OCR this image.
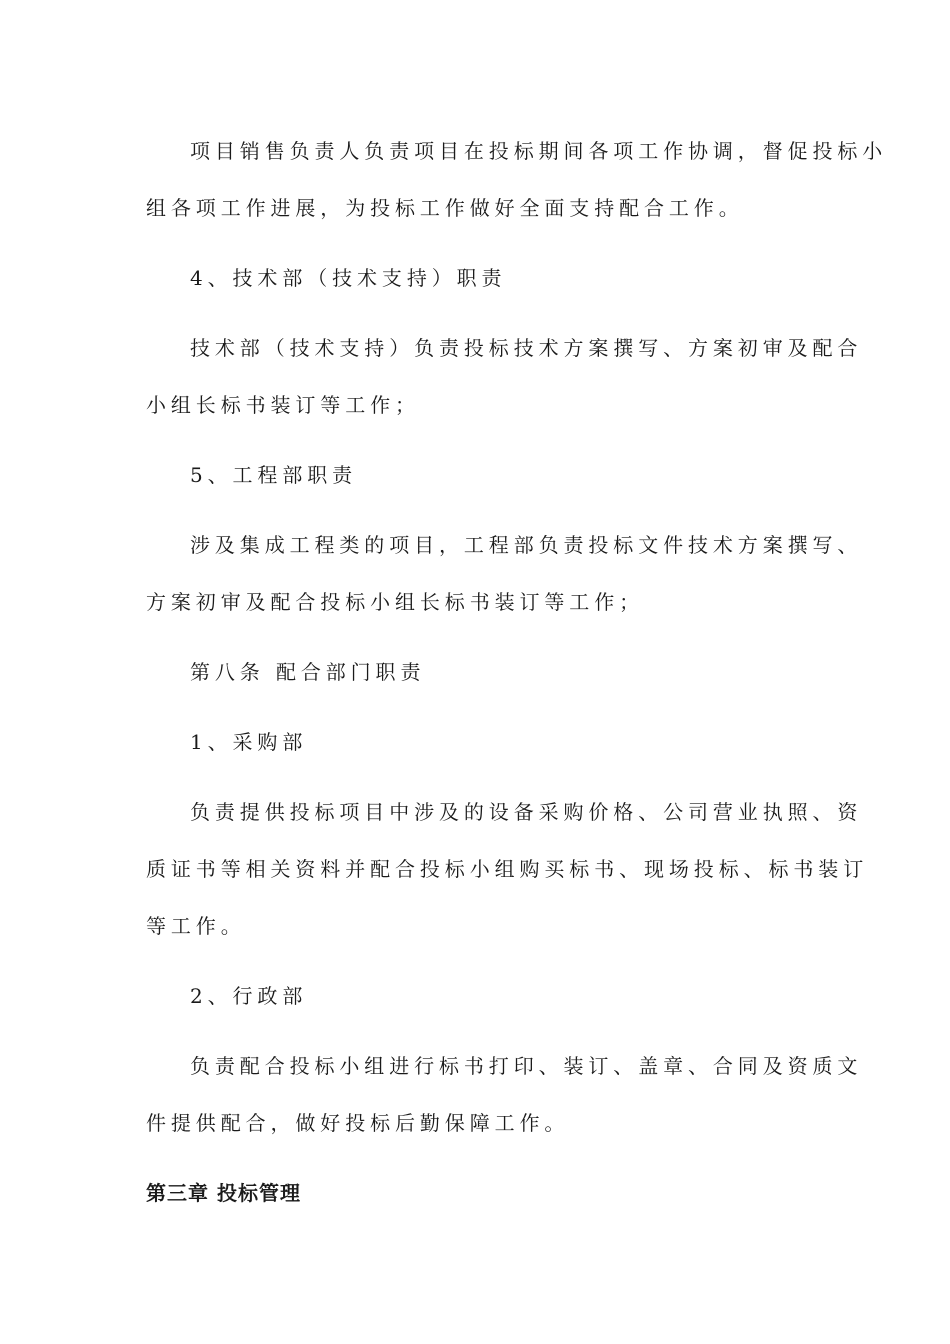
项目销售负责人负责项目在投标期间各项工作协调，督促投标小
组各项工作进展，为投标工作做好全面支持配合工作。
4、技术部（技术支持）职责
技术部（技术支持）负责投标技术方案撰写、方案初审及配合
小组长标书装订等工作；
5、工程部职责
涉及集成工程类的项目，工程部负责投标文件技术方案撰写、
方案初审及配合投标小组长标书装订等工作；
第八条 配合部门职责
1、采购部
负责提供投标项目中涉及的设备采购价格、公司营业执照、资
质证书等相关资料并配合投标小组购买标书、现场投标、标书装订
等工作。
2、行政部
负责配合投标小组进行标书打印、装订、盖章、合同及资质文
件提供配合，做好投标后勤保障工作。
第三章 投标管理
